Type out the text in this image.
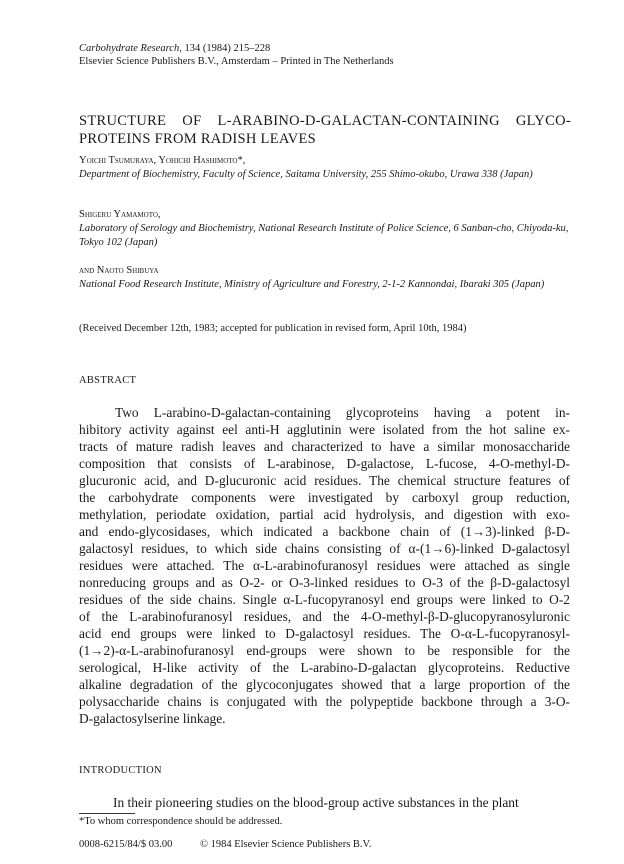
Carbohydrate Research, 134 (1984) 215–228
Elsevier Science Publishers B.V., Amsterdam – Printed in The Netherlands
STRUCTURE OF L-ARABINO-D-GALACTAN-CONTAINING GLYCO-
PROTEINS FROM RADISH LEAVES
Yoichi Tsumuraya, Yohichi Hashimoto*,
Department of Biochemistry, Faculty of Science, Saitama University, 255 Shimo-okubo, Urawa 338 (Japan)
Shigeru Yamamoto,
Laboratory of Serology and Biochemistry, National Research Institute of Police Science, 6 Sanban-cho, Chiyoda-ku, Tokyo 102 (Japan)
and Naoto Shibuya
National Food Research Institute, Ministry of Agriculture and Forestry, 2-1-2 Kannondai, Ibaraki 305 (Japan)
(Received December 12th, 1983; accepted for publication in revised form, April 10th, 1984)
ABSTRACT
Two L-arabino-D-galactan-containing glycoproteins having a potent in-
hibitory activity against eel anti-H agglutinin were isolated from the hot saline ex-
tracts of mature radish leaves and characterized to have a similar monosaccharide
composition that consists of L-arabinose, D-galactose, L-fucose, 4-O-methyl-D-
glucuronic acid, and D-glucuronic acid residues. The chemical structure features of
the carbohydrate components were investigated by carboxyl group reduction,
methylation, periodate oxidation, partial acid hydrolysis, and digestion with exo-
and endo-glycosidases, which indicated a backbone chain of (1→3)-linked β-D-
galactosyl residues, to which side chains consisting of α-(1→6)-linked D-galactosyl
residues were attached. The α-L-arabinofuranosyl residues were attached as single
nonreducing groups and as O-2- or O-3-linked residues to O-3 of the β-D-galactosyl
residues of the side chains. Single α-L-fucopyranosyl end groups were linked to O-2
of the L-arabinofuranosyl residues, and the 4-O-methyl-β-D-glucopyranosyluronic
acid end groups were linked to D-galactosyl residues. The O-α-L-fucopyranosyl-
(1→2)-α-L-arabinofuranosyl end-groups were shown to be responsible for the
serological, H-like activity of the L-arabino-D-galactan glycoproteins. Reductive
alkaline degradation of the glycoconjugates showed that a large proportion of the
polysaccharide chains is conjugated with the polypeptide backbone through a 3-O-
D-galactosylserine linkage.
INTRODUCTION
In their pioneering studies on the blood-group active substances in the plant
*To whom correspondence should be addressed.
0008-6215/84/$ 03.00	© 1984 Elsevier Science Publishers B.V.
